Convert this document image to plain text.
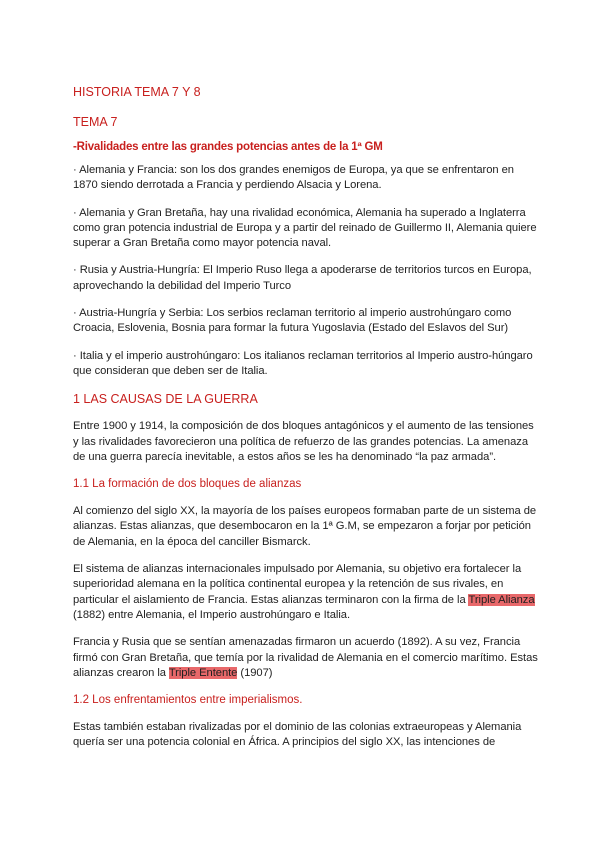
HISTORIA TEMA 7 Y 8
TEMA 7
-Rivalidades entre las grandes potencias antes de la 1ª GM

· Alemania y Francia: son los dos grandes enemigos de Europa, ya que se enfrentaron en 1870 siendo derrotada a Francia y perdiendo Alsacia y Lorena.

· Alemania y Gran Bretaña, hay una rivalidad económica, Alemania ha superado a Inglaterra como gran potencia industrial de Europa y a partir del reinado de Guillermo II, Alemania quiere superar a Gran Bretaña como mayor potencia naval.

· Rusia y Austria-Hungría: El Imperio Ruso llega a apoderarse de territorios turcos en Europa, aprovechando la debilidad del Imperio Turco

· Austria-Hungría y Serbia: Los serbios reclaman territorio al imperio austrohúngaro como Croacia, Eslovenia, Bosnia para formar la futura Yugoslavia (Estado del Eslavos del Sur)

· Italia y el imperio austrohúngaro: Los italianos reclaman territorios al Imperio austro-húngaro que consideran que deben ser de Italia.

1 LAS CAUSAS DE LA GUERRA

Entre 1900 y 1914, la composición de dos bloques antagónicos y el aumento de las tensiones y las rivalidades favorecieron una política de refuerzo de las grandes potencias. La amenaza de una guerra parecía inevitable, a estos años se les ha denominado “la paz armada”.

1.1 La formación de dos bloques de alianzas

Al comienzo del siglo XX, la mayoría de los países europeos formaban parte de un sistema de alianzas. Estas alianzas, que desembocaron en la 1ª G.M, se empezaron a forjar por petición de Alemania, en la época del canciller Bismarck.

El sistema de alianzas internacionales impulsado por Alemania, su objetivo era fortalecer la superioridad alemana en la política continental europea y la retención de sus rivales, en particular el aislamiento de Francia. Estas alianzas terminaron con la firma de la Triple Alianza (1882) entre Alemania, el Imperio austrohúngaro e Italia.

Francia y Rusia que se sentían amenazadas firmaron un acuerdo (1892). A su vez, Francia firmó con Gran Bretaña, que temía por la rivalidad de Alemania en el comercio marítimo. Estas alianzas crearon la Triple Entente (1907)

1.2 Los enfrentamientos entre imperialismos.

Estas también estaban rivalizadas por el dominio de las colonias extraeuropeas y Alemania quería ser una potencia colonial en África. A principios del siglo XX, las intenciones de
